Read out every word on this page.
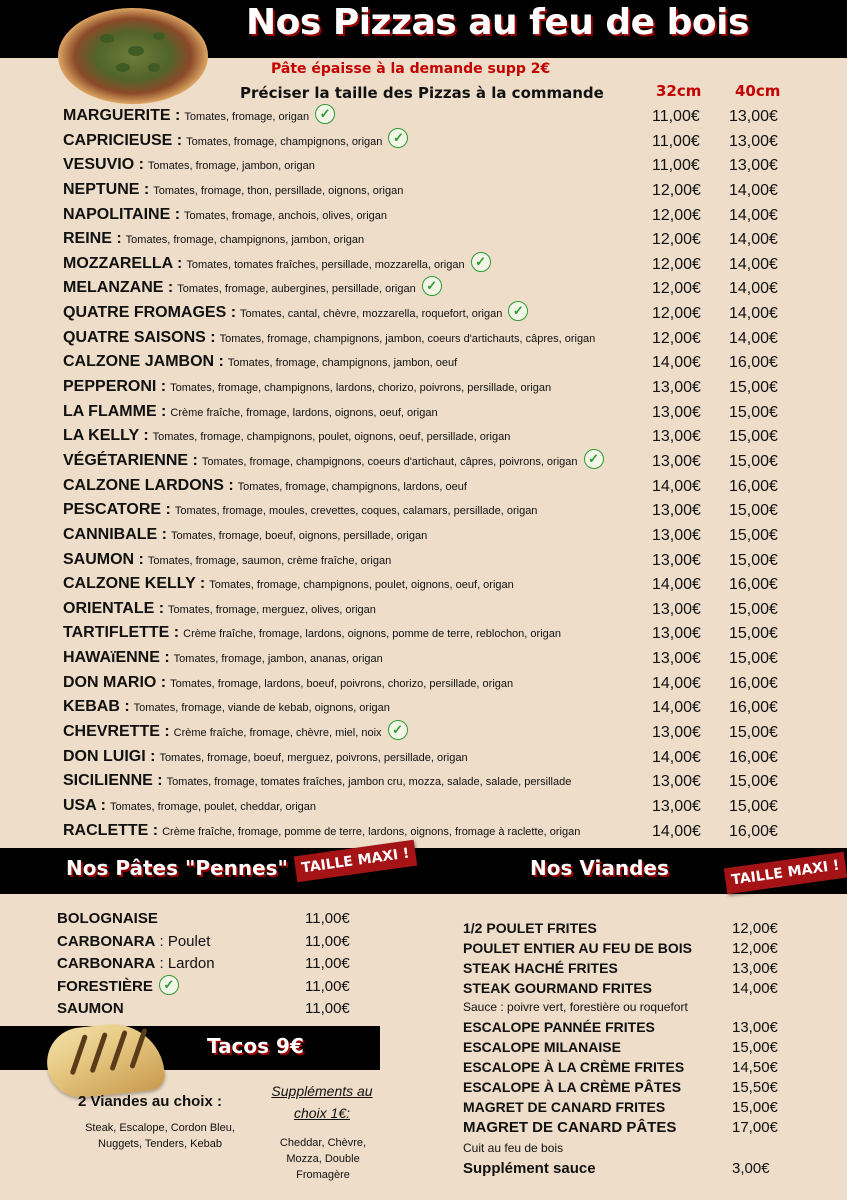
Nos Pizzas au feu de bois
Pâte épaisse à la demande supp 2€
Préciser la taille des Pizzas à la commande	32cm 40cm
MARGUERITE : Tomates, fromage, origan ✓	11,00€ 13,00€
CAPRICIEUSE : Tomates, fromage, champignons, origan ✓	11,00€ 13,00€
VESUVIO : Tomates, fromage, jambon, origan	11,00€ 13,00€
NEPTUNE : Tomates, fromage, thon, persillade, oignons, origan	12,00€ 14,00€
NAPOLITAINE : Tomates, fromage, anchois, olives, origan	12,00€ 14,00€
REINE : Tomates, fromage, champignons, jambon, origan	12,00€ 14,00€
MOZZARELLA : Tomates, tomates fraîches, persillade, mozzarella, origan ✓	12,00€ 14,00€
MELANZANE : Tomates, fromage, aubergines, persillade, origan ✓	12,00€ 14,00€
QUATRE FROMAGES : Tomates, cantal, chèvre, mozzarella, roquefort, origan ✓	12,00€ 14,00€
QUATRE SAISONS : Tomates, fromage, champignons, jambon, coeurs d'artichauts, câpres, origan	12,00€ 14,00€
CALZONE JAMBON : Tomates, fromage, champignons, jambon, oeuf	14,00€ 16,00€
PEPPERONI : Tomates, fromage, champignons, lardons, chorizo, poivrons, persillade, origan	13,00€ 15,00€
LA FLAMME : Crème fraîche, fromage, lardons, oignons, oeuf, origan	13,00€ 15,00€
LA KELLY : Tomates, fromage, champignons, poulet, oignons, oeuf, persillade, origan	13,00€ 15,00€
VÉGÉTARIENNE : Tomates, fromage, champignons, coeurs d'artichaut, câpres, poivrons, origan ✓	13,00€ 15,00€
CALZONE LARDONS : Tomates, fromage, champignons, lardons, oeuf	14,00€ 16,00€
PESCATORE : Tomates, fromage, moules, crevettes, coques, calamars, persillade, origan	13,00€ 15,00€
CANNIBALE : Tomates, fromage, boeuf, oignons, persillade, origan	13,00€ 15,00€
SAUMON : Tomates, fromage, saumon, crème fraîche, origan	13,00€ 15,00€
CALZONE KELLY : Tomates, fromage, champignons, poulet, oignons, oeuf, origan	14,00€ 16,00€
ORIENTALE : Tomates, fromage, merguez, olives, origan	13,00€ 15,00€
TARTIFLETTE : Crème fraîche, fromage, lardons, oignons, pomme de terre, reblochon, origan	13,00€ 15,00€
HAWAïENNE : Tomates, fromage, jambon, ananas, origan	13,00€ 15,00€
DON MARIO : Tomates, fromage, lardons, boeuf, poivrons, chorizo, persillade, origan	14,00€ 16,00€
KEBAB : Tomates, fromage, viande de kebab, oignons, origan	14,00€ 16,00€
CHEVRETTE : Crème fraîche, fromage, chèvre, miel, noix ✓	13,00€ 15,00€
DON LUIGI : Tomates, fromage, boeuf, merguez, poivrons, persillade, origan	14,00€ 16,00€
SICILIENNE : Tomates, fromage, tomates fraîches, jambon cru, mozza, salade, salade, persillade	13,00€ 15,00€
USA : Tomates, fromage, poulet, cheddar, origan	13,00€ 15,00€
RACLETTE : Crème fraîche, fromage, pomme de terre, lardons, oignons, fromage à raclette, origan	14,00€ 16,00€
Nos Pâtes "Pennes" TAILLE MAXI !	Nos Viandes	TAILLE MAXI !
BOLOGNAISE	11,00€
CARBONARA : Poulet	11,00€
CARBONARA : Lardon	11,00€
FORESTIÈRE ✓	11,00€
SAUMON	11,00€
Tacos 9€
2 Viandes au choix :
Steak, Escalope, Cordon Bleu, Nuggets, Tenders, Kebab
Suppléments au choix 1€:
Cheddar, Chèvre, Mozza, Double Fromagère
1/2 POULET FRITES	12,00€
POULET ENTIER AU FEU DE BOIS	12,00€
STEAK HACHÉ FRITES	13,00€
STEAK GOURMAND FRITES	14,00€
Sauce : poivre vert, forestière ou roquefort
ESCALOPE PANNÉE FRITES	13,00€
ESCALOPE MILANAISE	15,00€
ESCALOPE À LA CRÈME FRITES	14,50€
ESCALOPE À LA CRÈME PÂTES	15,50€
MAGRET DE CANARD FRITES	15,00€
MAGRET DE CANARD PÂTES	17,00€
Cuit au feu de bois
Supplément sauce	3,00€
